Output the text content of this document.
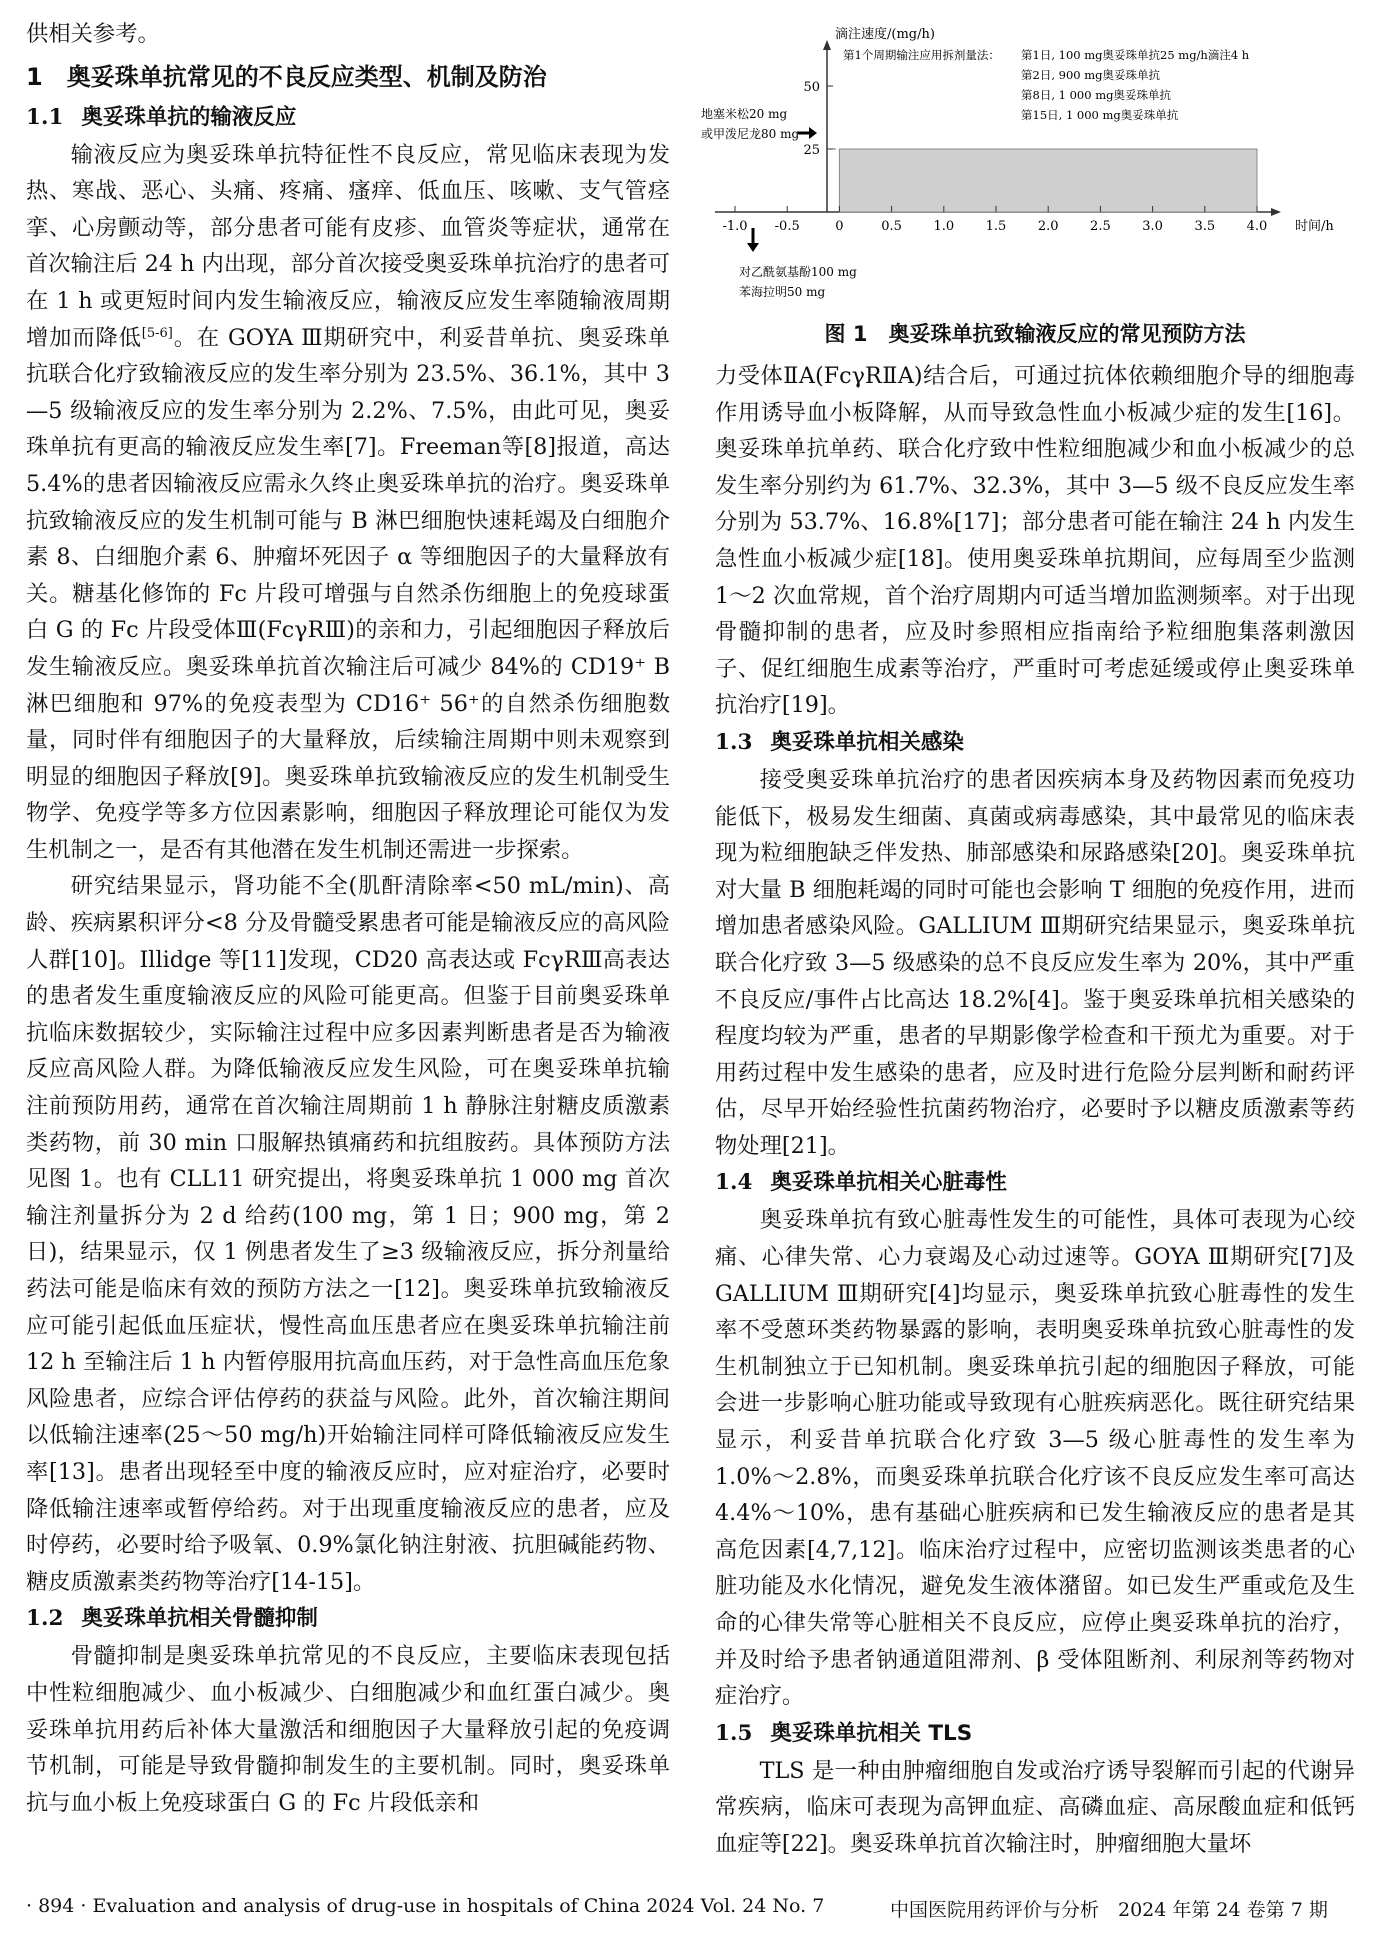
供相关参考。

1　奥妥珠单抗常见的不良反应类型、机制及防治
1.1 奥妥珠单抗的输液反应

输液反应为奥妥珠单抗特征性不良反应，常见临床表现为发热、寒战、恶心、头痛、疼痛、瘙痒、低血压、咳嗽、支气管痉挛、心房颤动等，部分患者可能有皮疹、血管炎等症状，通常在首次输注后 24 h 内出现，部分首次接受奥妥珠单抗治疗的患者可在 1 h 或更短时间内发生输液反应，输液反应发生率随输液周期增加而降低[5-6]。在 GOYA Ⅲ期研究中，利妥昔单抗、奥妥珠单抗联合化疗致输液反应的发生率分别为 23.5%、36.1%，其中 3—5 级输液反应的发生率分别为 2.2%、7.5%，由此可见，奥妥珠单抗有更高的输液反应发生率[7]。Freeman等[8]报道，高达 5.4%的患者因输液反应需永久终止奥妥珠单抗的治疗。奥妥珠单抗致输液反应的发生机制可能与 B 淋巴细胞快速耗竭及白细胞介素 8、白细胞介素 6、肿瘤坏死因子 α 等细胞因子的大量释放有关。糖基化修饰的 Fc 片段可增强与自然杀伤细胞上的免疫球蛋白 G 的 Fc 片段受体Ⅲ(FcγRⅢ)的亲和力，引起细胞因子释放后发生输液反应。奥妥珠单抗首次输注后可减少 84%的 CD19⁺ B 淋巴细胞和 97%的免疫表型为 CD16⁺ 56⁺的自然杀伤细胞数量，同时伴有细胞因子的大量释放，后续输注周期中则未观察到明显的细胞因子释放[9]。奥妥珠单抗致输液反应的发生机制受生物学、免疫学等多方位因素影响，细胞因子释放理论可能仅为发生机制之一，是否有其他潜在发生机制还需进一步探索。

研究结果显示，肾功能不全(肌酐清除率<50 mL/min)、高龄、疾病累积评分<8 分及骨髓受累患者可能是输液反应的高风险人群[10]。Illidge 等[11]发现，CD20 高表达或 FcγRⅢ高表达的患者发生重度输液反应的风险可能更高。但鉴于目前奥妥珠单抗临床数据较少，实际输注过程中应多因素判断患者是否为输液反应高风险人群。为降低输液反应发生风险，可在奥妥珠单抗输注前预防用药，通常在首次输注周期前 1 h 静脉注射糖皮质激素类药物，前 30 min 口服解热镇痛药和抗组胺药。具体预防方法见图 1。也有 CLL11 研究提出，将奥妥珠单抗 1 000 mg 首次输注剂量拆分为 2 d 给药(100 mg，第 1 日；900 mg，第 2 日)，结果显示，仅 1 例患者发生了≥3 级输液反应，拆分剂量给药法可能是临床有效的预防方法之一[12]。奥妥珠单抗致输液反应可能引起低血压症状，慢性高血压患者应在奥妥珠单抗输注前 12 h 至输注后 1 h 内暂停服用抗高血压药，对于急性高血压危象风险患者，应综合评估停药的获益与风险。此外，首次输注期间以低输注速率(25～50 mg/h)开始输注同样可降低输液反应发生率[13]。患者出现轻至中度的输液反应时，应对症治疗，必要时降低输注速率或暂停给药。对于出现重度输液反应的患者，应及时停药，必要时给予吸氧、0.9%氯化钠注射液、抗胆碱能药物、糖皮质激素类药物等治疗[14-15]。

1.2 奥妥珠单抗相关骨髓抑制

骨髓抑制是奥妥珠单抗常见的不良反应，主要临床表现包括中性粒细胞减少、血小板减少、白细胞减少和血红蛋白减少。奥妥珠单抗用药后补体大量激活和细胞因子大量释放引起的免疫调节机制，可能是导致骨髓抑制发生的主要机制。同时，奥妥珠单抗与血小板上免疫球蛋白 G 的 Fc 片段低亲和

-1.0 -0.5	0	0.5 1.0 1.5 2.0 2.5 3.0 3.5 4.0
25
50
滴注速度/(mg/h)
时间/h
第1个周期输注应用拆剂量法： 第1日, 100 mg奥妥珠单抗25 mg/h滴注4 h
第2日, 900 mg奥妥珠单抗
第8日, 1 000 mg奥妥珠单抗
第15日, 1 000 mg奥妥珠单抗
地塞米松20 mg
或甲泼尼龙80 mg
对乙酰氨基酚100 mg
苯海拉明50 mg
图 1　奥妥珠单抗致输液反应的常见预防方法

力受体ⅡA(FcγRⅡA)结合后，可通过抗体依赖细胞介导的细胞毒作用诱导血小板降解，从而导致急性血小板减少症的发生[16]。奥妥珠单抗单药、联合化疗致中性粒细胞减少和血小板减少的总发生率分别约为 61.7%、32.3%，其中 3—5 级不良反应发生率分别为 53.7%、16.8%[17]；部分患者可能在输注 24 h 内发生急性血小板减少症[18]。使用奥妥珠单抗期间，应每周至少监测 1～2 次血常规，首个治疗周期内可适当增加监测频率。对于出现骨髓抑制的患者，应及时参照相应指南给予粒细胞集落刺激因子、促红细胞生成素等治疗，严重时可考虑延缓或停止奥妥珠单抗治疗[19]。

1.3 奥妥珠单抗相关感染

接受奥妥珠单抗治疗的患者因疾病本身及药物因素而免疫功能低下，极易发生细菌、真菌或病毒感染，其中最常见的临床表现为粒细胞缺乏伴发热、肺部感染和尿路感染[20]。奥妥珠单抗对大量 B 细胞耗竭的同时可能也会影响 T 细胞的免疫作用，进而增加患者感染风险。GALLIUM Ⅲ期研究结果显示，奥妥珠单抗联合化疗致 3—5 级感染的总不良反应发生率为 20%，其中严重不良反应/事件占比高达 18.2%[4]。鉴于奥妥珠单抗相关感染的程度均较为严重，患者的早期影像学检查和干预尤为重要。对于用药过程中发生感染的患者，应及时进行危险分层判断和耐药评估，尽早开始经验性抗菌药物治疗，必要时予以糖皮质激素等药物处理[21]。

1.4 奥妥珠单抗相关心脏毒性

奥妥珠单抗有致心脏毒性发生的可能性，具体可表现为心绞痛、心律失常、心力衰竭及心动过速等。GOYA Ⅲ期研究[7]及 GALLIUM Ⅲ期研究[4]均显示，奥妥珠单抗致心脏毒性的发生率不受蒽环类药物暴露的影响，表明奥妥珠单抗致心脏毒性的发生机制独立于已知机制。奥妥珠单抗引起的细胞因子释放，可能会进一步影响心脏功能或导致现有心脏疾病恶化。既往研究结果显示，利妥昔单抗联合化疗致 3—5 级心脏毒性的发生率为 1.0%～2.8%，而奥妥珠单抗联合化疗该不良反应发生率可高达 4.4%～10%，患有基础心脏疾病和已发生输液反应的患者是其高危因素[4,7,12]。临床治疗过程中，应密切监测该类患者的心脏功能及水化情况，避免发生液体潴留。如已发生严重或危及生命的心律失常等心脏相关不良反应，应停止奥妥珠单抗的治疗，并及时给予患者钠通道阻滞剂、β 受体阻断剂、利尿剂等药物对症治疗。

1.5 奥妥珠单抗相关 TLS

TLS 是一种由肿瘤细胞自发或治疗诱导裂解而引起的代谢异常疾病，临床可表现为高钾血症、高磷血症、高尿酸血症和低钙血症等[22]。奥妥珠单抗首次输注时，肿瘤细胞大量坏

· 894 · Evaluation and analysis of drug-use in hospitals of China 2024 Vol. 24 No. 7	中国医院用药评价与分析　2024 年第 24 卷第 7 期
